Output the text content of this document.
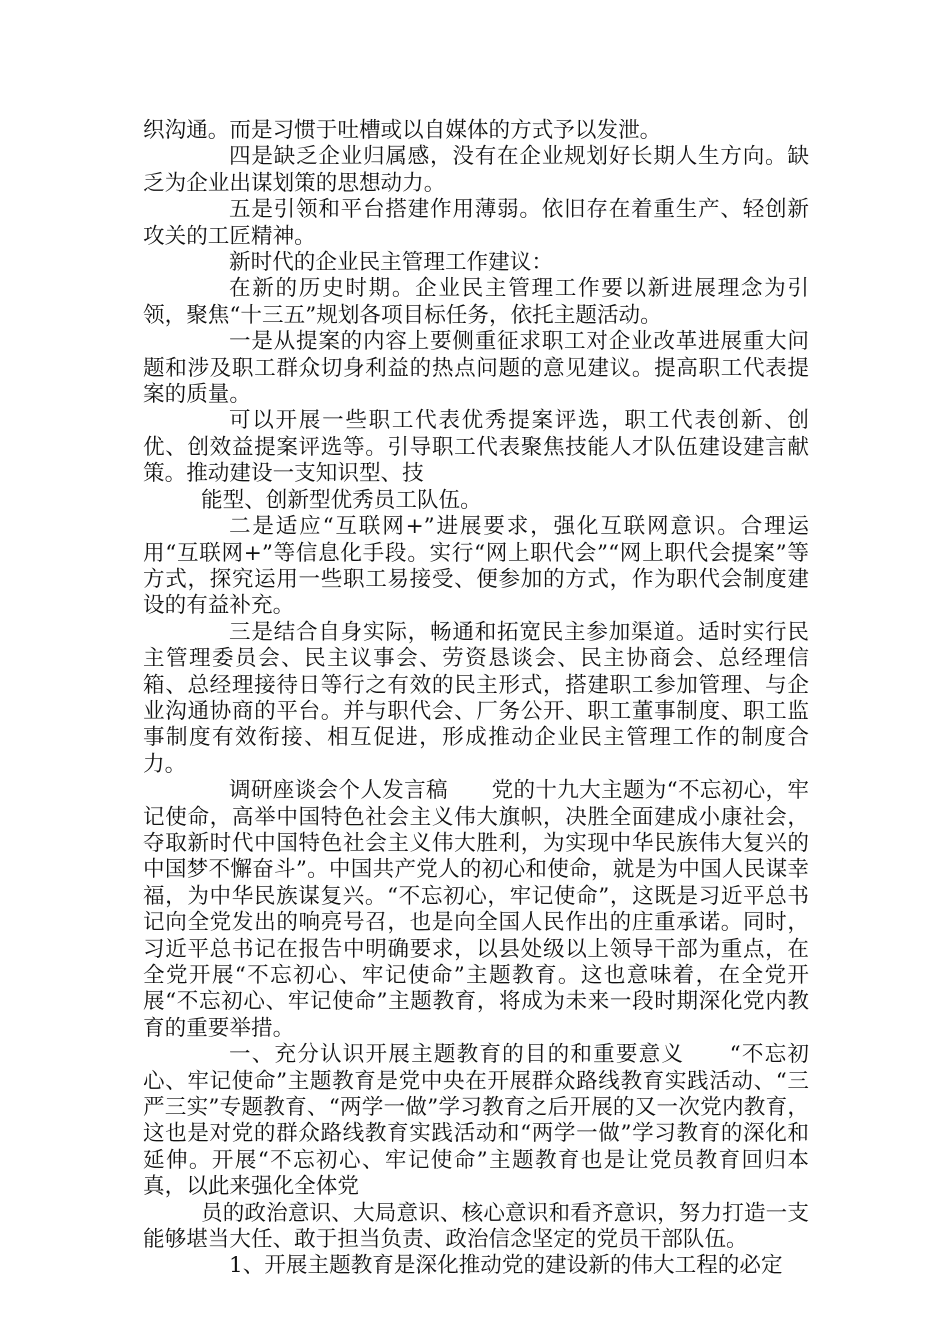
织沟通。而是习惯于吐槽或以自媒体的方式予以发泄。

四是缺乏企业归属感，没有在企业规划好长期人生方向。缺乏为企业出谋划策的思想动力。

五是引领和平台搭建作用薄弱。依旧存在着重生产、轻创新攻关的工匠精神。

新时代的企业民主管理工作建议：

在新的历史时期。企业民主管理工作要以新进展理念为引领，聚焦“十三五”规划各项目标任务，依托主题活动。

一是从提案的内容上要侧重征求职工对企业改革进展重大问题和涉及职工群众切身利益的热点问题的意见建议。提高职工代表提案的质量。

可以开展一些职工代表优秀提案评选，职工代表创新、创优、创效益提案评选等。引导职工代表聚焦技能人才队伍建设建言献策。推动建设一支知识型、技

能型、创新型优秀员工队伍。

二是适应“互联网+”进展要求，强化互联网意识。合理运用“互联网+”等信息化手段。实行“网上职代会”“网上职代会提案”等方式，探究运用一些职工易接受、便参加的方式，作为职代会制度建设的有益补充。

三是结合自身实际，畅通和拓宽民主参加渠道。适时实行民主管理委员会、民主议事会、劳资恳谈会、民主协商会、总经理信箱、总经理接待日等行之有效的民主形式，搭建职工参加管理、与企业沟通协商的平台。并与职代会、厂务公开、职工董事制度、职工监事制度有效衔接、相互促进，形成推动企业民主管理工作的制度合力。

调研座谈会个人发言稿　　党的十九大主题为“不忘初心，牢记使命，高举中国特色社会主义伟大旗帜，决胜全面建成小康社会，夺取新时代中国特色社会主义伟大胜利，为实现中华民族伟大复兴的中国梦不懈奋斗”。中国共产党人的初心和使命，就是为中国人民谋幸福，为中华民族谋复兴。“不忘初心，牢记使命”，这既是习近平总书记向全党发出的响亮号召，也是向全国人民作出的庄重承诺。同时，习近平总书记在报告中明确要求，以县处级以上领导干部为重点，在全党开展“不忘初心、牢记使命”主题教育。这也意味着，在全党开展“不忘初心、牢记使命”主题教育，将成为未来一段时期深化党内教育的重要举措。

一、充分认识开展主题教育的目的和重要意义　　“不忘初心、牢记使命”主题教育是党中央在开展群众路线教育实践活动、“三严三实”专题教育、“两学一做”学习教育之后开展的又一次党内教育，这也是对党的群众路线教育实践活动和“两学一做”学习教育的深化和延伸。开展“不忘初心、牢记使命”主题教育也是让党员教育回归本真，以此来强化全体党

员的政治意识、大局意识、核心意识和看齐意识，努力打造一支能够堪当大任、敢于担当负责、政治信念坚定的党员干部队伍。

1、开展主题教育是深化推动党的建设新的伟大工程的必定
